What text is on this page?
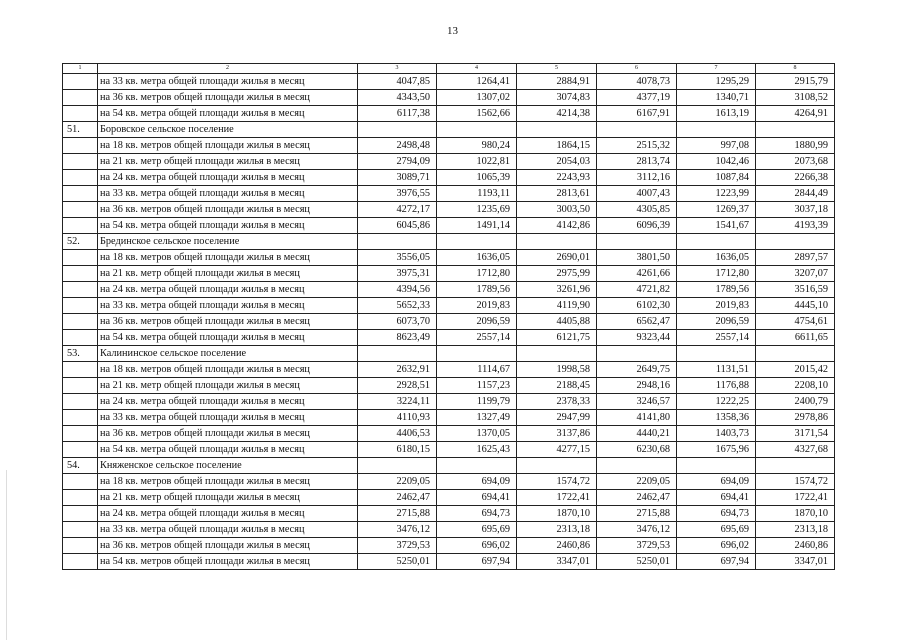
13
1	2	3	4	5	6	7	8
	на 33 кв. метра общей площади жилья в месяц	4047,85	1264,41	2884,91	4078,73	1295,29	2915,79
	на 36 кв. метров общей площади жилья в месяц	4343,50	1307,02	3074,83	4377,19	1340,71	3108,52
	на 54 кв. метра общей площади жилья в месяц	6117,38	1562,66	4214,38	6167,91	1613,19	4264,91
51.	Боровское сельское поселение						
	на 18 кв. метров общей площади жилья в месяц	2498,48	980,24	1864,15	2515,32	997,08	1880,99
	на 21 кв. метр общей площади жилья в месяц	2794,09	1022,81	2054,03	2813,74	1042,46	2073,68
	на 24 кв. метра общей площади жилья в месяц	3089,71	1065,39	2243,93	3112,16	1087,84	2266,38
	на 33 кв. метра общей площади жилья в месяц	3976,55	1193,11	2813,61	4007,43	1223,99	2844,49
	на 36 кв. метров общей площади жилья в месяц	4272,17	1235,69	3003,50	4305,85	1269,37	3037,18
	на 54 кв. метра общей площади жилья в месяц	6045,86	1491,14	4142,86	6096,39	1541,67	4193,39
52.	Брединское сельское поселение						
	на 18 кв. метров общей площади жилья в месяц	3556,05	1636,05	2690,01	3801,50	1636,05	2897,57
	на 21 кв. метр общей площади жилья в месяц	3975,31	1712,80	2975,99	4261,66	1712,80	3207,07
	на 24 кв. метра общей площади жилья в месяц	4394,56	1789,56	3261,96	4721,82	1789,56	3516,59
	на 33 кв. метра общей площади жилья в месяц	5652,33	2019,83	4119,90	6102,30	2019,83	4445,10
	на 36 кв. метров общей площади жилья в месяц	6073,70	2096,59	4405,88	6562,47	2096,59	4754,61
	на 54 кв. метра общей площади жилья в месяц	8623,49	2557,14	6121,75	9323,44	2557,14	6611,65
53.	Калининское сельское поселение						
	на 18 кв. метров общей площади жилья в месяц	2632,91	1114,67	1998,58	2649,75	1131,51	2015,42
	на 21 кв. метр общей площади жилья в месяц	2928,51	1157,23	2188,45	2948,16	1176,88	2208,10
	на 24 кв. метра общей площади жилья в месяц	3224,11	1199,79	2378,33	3246,57	1222,25	2400,79
	на 33 кв. метра общей площади жилья в месяц	4110,93	1327,49	2947,99	4141,80	1358,36	2978,86
	на 36 кв. метров общей площади жилья в месяц	4406,53	1370,05	3137,86	4440,21	1403,73	3171,54
	на 54 кв. метра общей площади жилья в месяц	6180,15	1625,43	4277,15	6230,68	1675,96	4327,68
54.	Княженское сельское поселение						
	на 18 кв. метров общей площади жилья в месяц	2209,05	694,09	1574,72	2209,05	694,09	1574,72
	на 21 кв. метр общей площади жилья в месяц	2462,47	694,41	1722,41	2462,47	694,41	1722,41
	на 24 кв. метра общей площади жилья в месяц	2715,88	694,73	1870,10	2715,88	694,73	1870,10
	на 33 кв. метра общей площади жилья в месяц	3476,12	695,69	2313,18	3476,12	695,69	2313,18
	на 36 кв. метров общей площади жилья в месяц	3729,53	696,02	2460,86	3729,53	696,02	2460,86
	на 54 кв. метров общей площади жилья в месяц	5250,01	697,94	3347,01	5250,01	697,94	3347,01
